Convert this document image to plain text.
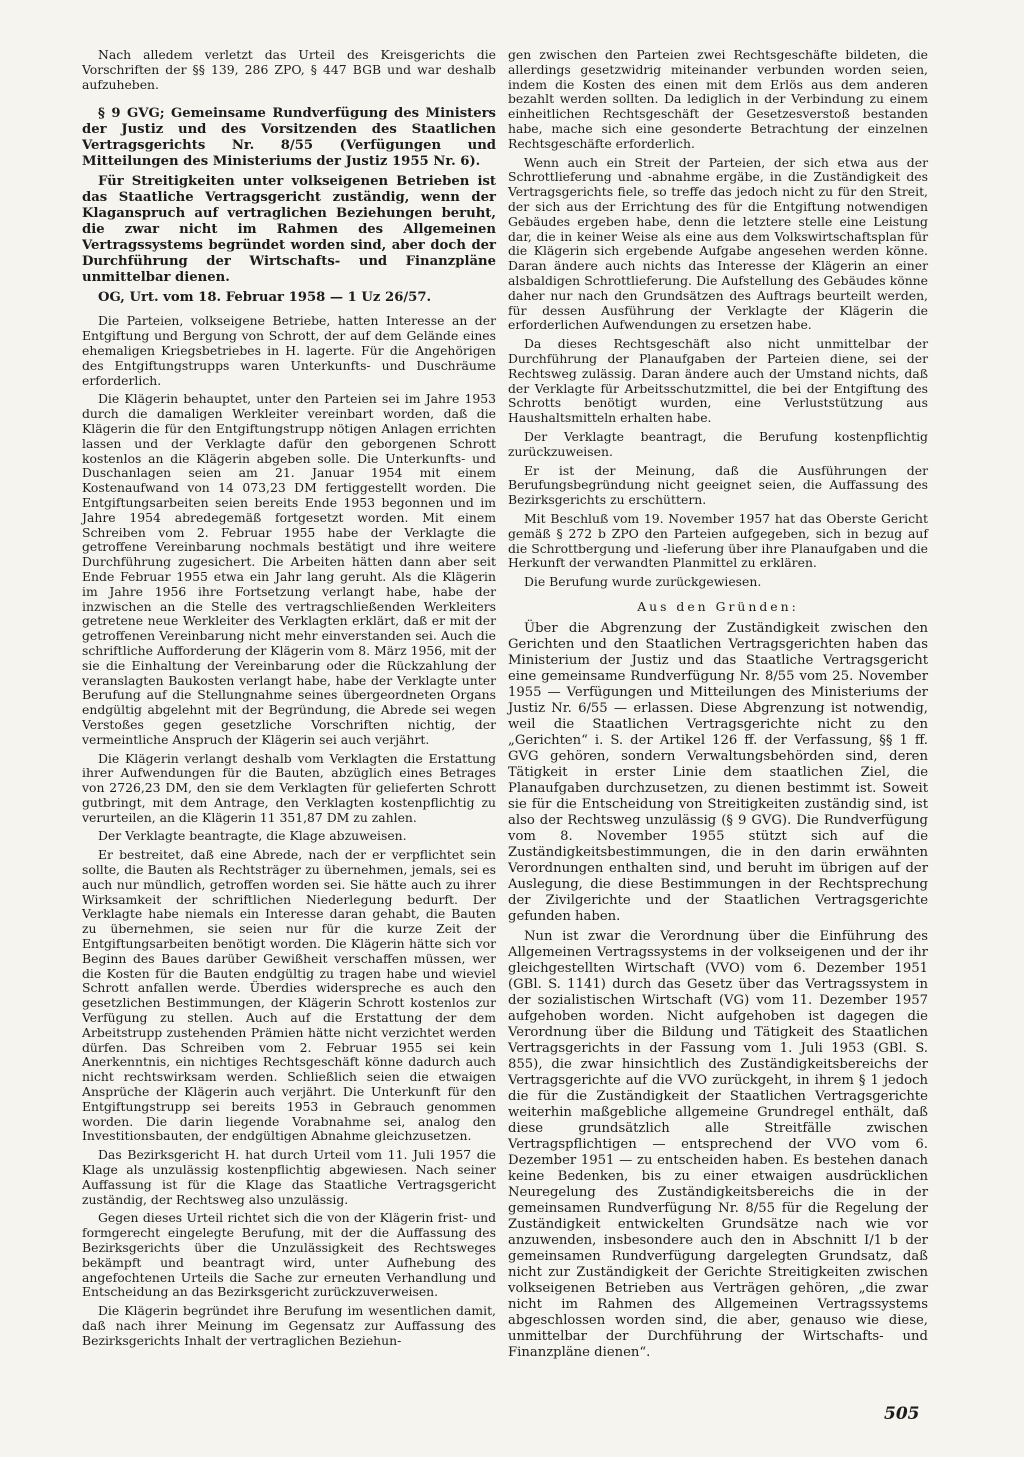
Nach alledem verletzt das Urteil des Kreisgerichts die Vorschriften der §§ 139, 286 ZPO, § 447 BGB und war deshalb aufzuheben.

§ 9 GVG; Gemeinsame Rundverfügung des Ministers der Justiz und des Vorsitzenden des Staatlichen Vertragsgerichts Nr. 8/55 (Verfügungen und Mitteilungen des Ministeriums der Justiz 1955 Nr. 6).

Für Streitigkeiten unter volkseigenen Betrieben ist das Staatliche Vertragsgericht zuständig, wenn der Klaganspruch auf vertraglichen Beziehungen beruht, die zwar nicht im Rahmen des Allgemeinen Vertragssystems begründet worden sind, aber doch der Durchführung der Wirtschafts- und Finanzpläne unmittelbar dienen.

OG, Urt. vom 18. Februar 1958 — 1 Uz 26/57.

Die Parteien, volkseigene Betriebe, hatten Interesse an der Entgiftung und Bergung von Schrott, der auf dem Gelände eines ehemaligen Kriegsbetriebes in H. lagerte. Für die Angehörigen des Entgiftungstrupps waren Unterkunfts- und Duschräume erforderlich.

Die Klägerin behauptet, unter den Parteien sei im Jahre 1953 durch die damaligen Werkleiter vereinbart worden, daß die Klägerin die für den Entgiftungstrupp nötigen Anlagen errichten lassen und der Verklagte dafür den geborgenen Schrott kostenlos an die Klägerin abgeben solle. Die Unterkunfts- und Duschanlagen seien am 21. Januar 1954 mit einem Kostenaufwand von 14 073,23 DM fertiggestellt worden. Die Entgiftungsarbeiten seien bereits Ende 1953 begonnen und im Jahre 1954 abredegemäß fortgesetzt worden. Mit einem Schreiben vom 2. Februar 1955 habe der Verklagte die getroffene Vereinbarung nochmals bestätigt und ihre weitere Durchführung zugesichert. Die Arbeiten hätten dann aber seit Ende Februar 1955 etwa ein Jahr lang geruht. Als die Klägerin im Jahre 1956 ihre Fortsetzung verlangt habe, habe der inzwischen an die Stelle des vertragschließenden Werkleiters getretene neue Werkleiter des Verklagten erklärt, daß er mit der getroffenen Vereinbarung nicht mehr einverstanden sei. Auch die schriftliche Aufforderung der Klägerin vom 8. März 1956, mit der sie die Einhaltung der Vereinbarung oder die Rückzahlung der veranslagten Baukosten verlangt habe, habe der Verklagte unter Berufung auf die Stellungnahme seines übergeordneten Organs endgültig abgelehnt mit der Begründung, die Abrede sei wegen Verstoßes gegen gesetzliche Vorschriften nichtig, der vermeintliche Anspruch der Klägerin sei auch verjährt.

Die Klägerin verlangt deshalb vom Verklagten die Erstattung ihrer Aufwendungen für die Bauten, abzüglich eines Betrages von 2726,23 DM, den sie dem Verklagten für gelieferten Schrott gutbringt, mit dem Antrage, den Verklagten kostenpflichtig zu verurteilen, an die Klägerin 11 351,87 DM zu zahlen.

Der Verklagte beantragte, die Klage abzuweisen.

Er bestreitet, daß eine Abrede, nach der er verpflichtet sein sollte, die Bauten als Rechtsträger zu übernehmen, jemals, sei es auch nur mündlich, getroffen worden sei. Sie hätte auch zu ihrer Wirksamkeit der schriftlichen Niederlegung bedurft. Der Verklagte habe niemals ein Interesse daran gehabt, die Bauten zu übernehmen, sie seien nur für die kurze Zeit der Entgiftungsarbeiten benötigt worden. Die Klägerin hätte sich vor Beginn des Baues darüber Gewißheit verschaffen müssen, wer die Kosten für die Bauten endgültig zu tragen habe und wieviel Schrott anfallen werde. Überdies widerspreche es auch den gesetzlichen Bestimmungen, der Klägerin Schrott kostenlos zur Verfügung zu stellen. Auch auf die Erstattung der dem Arbeitstrupp zustehenden Prämien hätte nicht verzichtet werden dürfen. Das Schreiben vom 2. Februar 1955 sei kein Anerkenntnis, ein nichtiges Rechtsgeschäft könne dadurch auch nicht rechtswirksam werden. Schließlich seien die etwaigen Ansprüche der Klägerin auch verjährt. Die Unterkunft für den Entgiftungstrupp sei bereits 1953 in Gebrauch genommen worden. Die darin liegende Vorabnahme sei, analog den Investitionsbauten, der endgültigen Abnahme gleichzusetzen.

Das Bezirksgericht H. hat durch Urteil vom 11. Juli 1957 die Klage als unzulässig kostenpflichtig abgewiesen. Nach seiner Auffassung ist für die Klage das Staatliche Vertragsgericht zuständig, der Rechtsweg also unzulässig.

Gegen dieses Urteil richtet sich die von der Klägerin frist- und formgerecht eingelegte Berufung, mit der die Auffassung des Bezirksgerichts über die Unzulässigkeit des Rechtsweges bekämpft und beantragt wird, unter Aufhebung des angefochtenen Urteils die Sache zur erneuten Verhandlung und Entscheidung an das Bezirksgericht zurückzuverweisen.

Die Klägerin begründet ihre Berufung im wesentlichen damit, daß nach ihrer Meinung im Gegensatz zur Auffassung des Bezirksgerichts Inhalt der vertraglichen Beziehun-

gen zwischen den Parteien zwei Rechtsgeschäfte bildeten, die allerdings gesetzwidrig miteinander verbunden worden seien, indem die Kosten des einen mit dem Erlös aus dem anderen bezahlt werden sollten. Da lediglich in der Verbindung zu einem einheitlichen Rechtsgeschäft der Gesetzesverstoß bestanden habe, mache sich eine gesonderte Betrachtung der einzelnen Rechtsgeschäfte erforderlich.

Wenn auch ein Streit der Parteien, der sich etwa aus der Schrottlieferung und -abnahme ergäbe, in die Zuständigkeit des Vertragsgerichts fiele, so treffe das jedoch nicht zu für den Streit, der sich aus der Errichtung des für die Entgiftung notwendigen Gebäudes ergeben habe, denn die letztere stelle eine Leistung dar, die in keiner Weise als eine aus dem Volkswirtschaftsplan für die Klägerin sich ergebende Aufgabe angesehen werden könne. Daran ändere auch nichts das Interesse der Klägerin an einer alsbaldigen Schrottlieferung. Die Aufstellung des Gebäudes könne daher nur nach den Grundsätzen des Auftrags beurteilt werden, für dessen Ausführung der Verklagte der Klägerin die erforderlichen Aufwendungen zu ersetzen habe.

Da dieses Rechtsgeschäft also nicht unmittelbar der Durchführung der Planaufgaben der Parteien diene, sei der Rechtsweg zulässig. Daran ändere auch der Umstand nichts, daß der Verklagte für Arbeitsschutzmittel, die bei der Entgiftung des Schrotts benötigt wurden, eine Verluststützung aus Haushaltsmitteln erhalten habe.

Der Verklagte beantragt, die Berufung kostenpflichtig zurückzuweisen.

Er ist der Meinung, daß die Ausführungen der Berufungsbegründung nicht geeignet seien, die Auffassung des Bezirksgerichts zu erschüttern.

Mit Beschluß vom 19. November 1957 hat das Oberste Gericht gemäß § 272 b ZPO den Parteien aufgegeben, sich in bezug auf die Schrottbergung und -lieferung über ihre Planaufgaben und die Herkunft der verwandten Planmittel zu erklären.

Die Berufung wurde zurückgewiesen.

Aus den Gründen:

Über die Abgrenzung der Zuständigkeit zwischen den Gerichten und den Staatlichen Vertragsgerichten haben das Ministerium der Justiz und das Staatliche Vertragsgericht eine gemeinsame Rundverfügung Nr. 8/55 vom 25. November 1955 — Verfügungen und Mitteilungen des Ministeriums der Justiz Nr. 6/55 — erlassen. Diese Abgrenzung ist notwendig, weil die Staatlichen Vertragsgerichte nicht zu den „Gerichten“ i. S. der Artikel 126 ff. der Verfassung, §§ 1 ff. GVG gehören, sondern Verwaltungsbehörden sind, deren Tätigkeit in erster Linie dem staatlichen Ziel, die Planaufgaben durchzusetzen, zu dienen bestimmt ist. Soweit sie für die Entscheidung von Streitigkeiten zuständig sind, ist also der Rechtsweg unzulässig (§ 9 GVG). Die Rundverfügung vom 8. November 1955 stützt sich auf die Zuständigkeitsbestimmungen, die in den darin erwähnten Verordnungen enthalten sind, und beruht im übrigen auf der Auslegung, die diese Bestimmungen in der Rechtsprechung der Zivilgerichte und der Staatlichen Vertragsgerichte gefunden haben.

Nun ist zwar die Verordnung über die Einführung des Allgemeinen Vertragssystems in der volkseigenen und der ihr gleichgestellten Wirtschaft (VVO) vom 6. Dezember 1951 (GBl. S. 1141) durch das Gesetz über das Vertragssystem in der sozialistischen Wirtschaft (VG) vom 11. Dezember 1957 aufgehoben worden. Nicht aufgehoben ist dagegen die Verordnung über die Bildung und Tätigkeit des Staatlichen Vertragsgerichts in der Fassung vom 1. Juli 1953 (GBl. S. 855), die zwar hinsichtlich des Zuständigkeitsbereichs der Vertragsgerichte auf die VVO zurückgeht, in ihrem § 1 jedoch die für die Zuständigkeit der Staatlichen Vertragsgerichte weiterhin maßgebliche allgemeine Grundregel enthält, daß diese grundsätzlich alle Streitfälle zwischen Vertragspflichtigen — entsprechend der VVO vom 6. Dezember 1951 — zu entscheiden haben. Es bestehen danach keine Bedenken, bis zu einer etwaigen ausdrücklichen Neuregelung des Zuständigkeitsbereichs die in der gemeinsamen Rundverfügung Nr. 8/55 für die Regelung der Zuständigkeit entwickelten Grundsätze nach wie vor anzuwenden, insbesondere auch den in Abschnitt I/1 b der gemeinsamen Rundverfügung dargelegten Grundsatz, daß nicht zur Zuständigkeit der Gerichte Streitigkeiten zwischen volkseigenen Betrieben aus Verträgen gehören, „die zwar nicht im Rahmen des Allgemeinen Vertragssystems abgeschlossen worden sind, die aber, genauso wie diese, unmittelbar der Durchführung der Wirtschafts- und Finanzpläne dienen“.

505
